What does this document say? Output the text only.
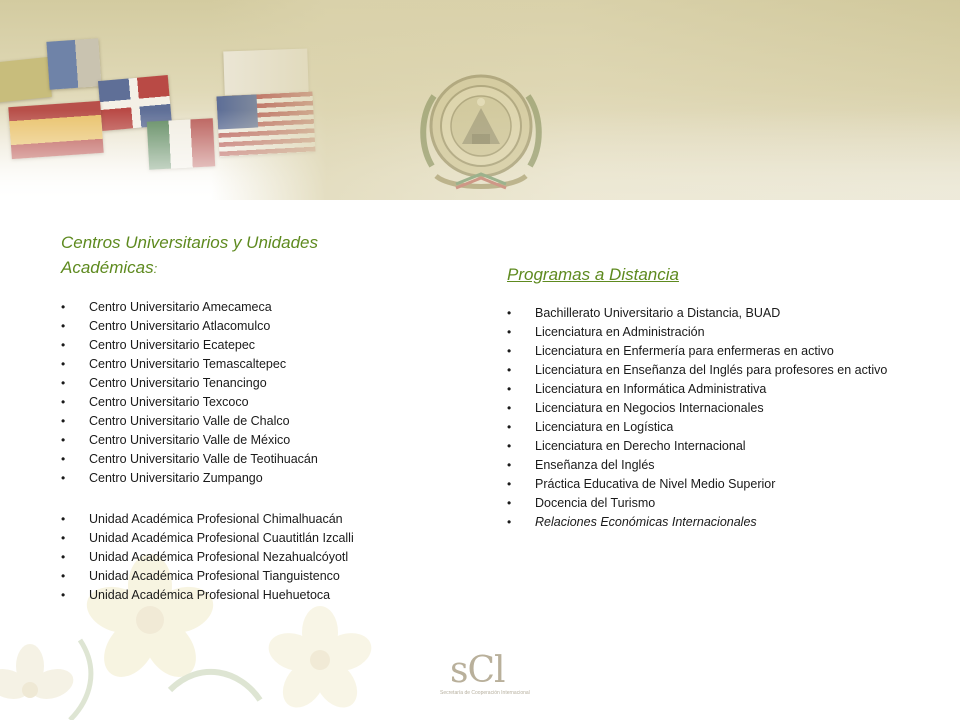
Centros Universitarios y Unidades Académicas:
•	Centro Universitario Amecameca
•	Centro Universitario Atlacomulco
•	Centro Universitario Ecatepec
•	Centro Universitario Temascaltepec
•	Centro Universitario Tenancingo
•	Centro Universitario Texcoco
•	Centro Universitario Valle de Chalco
•	Centro Universitario Valle de México
•	Centro Universitario Valle de Teotihuacán
•	Centro Universitario Zumpango
•	Unidad Académica Profesional Chimalhuacán
•	Unidad Académica Profesional Cuautitlán Izcalli
•	Unidad Académica Profesional Nezahualcóyotl
•	Unidad Académica Profesional Tianguistenco
•	Unidad Académica Profesional Huehuetoca
Programas a Distancia
•	Bachillerato Universitario a Distancia, BUAD
•	Licenciatura en Administración
•	Licenciatura en Enfermería para enfermeras en activo
•	Licenciatura en Enseñanza del Inglés para profesores en activo
•	Licenciatura en Informática Administrativa
•	Licenciatura en Negocios Internacionales
•	Licenciatura en Logística
•	Licenciatura en Derecho Internacional
•	Enseñanza del Inglés
•	Práctica Educativa de Nivel Medio Superior
•	Docencia del Turismo
•	Relaciones Económicas Internacionales
sCl
Secretaría de Cooperación Internacional
